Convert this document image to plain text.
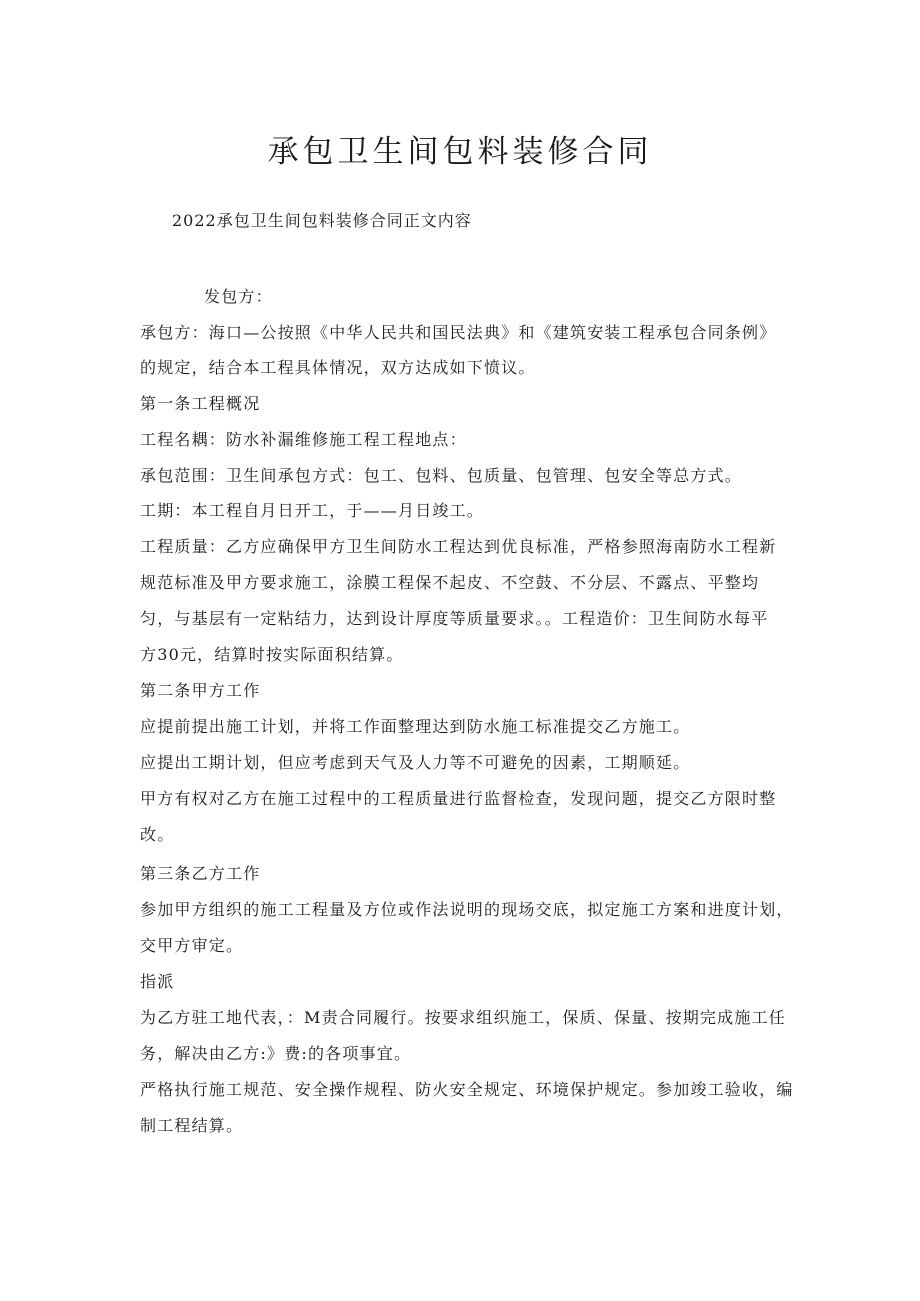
承包卫生间包料装修合同
2022承包卫生间包料装修合同正文内容
发包方：
承包方：海口—公按照《中华人民共和国民法典》和《建筑安装工程承包合同条例》
的规定，结合本工程具体情况，双方达成如下愤议。
第一条工程概况
工程名耦：防水补漏维修施工程工程地点：
承包范围：卫生间承包方式：包工、包料、包质量、包管理、包安全等总方式。
工期：本工程自月日开工，于——月日竣工。
工程质量：乙方应确保甲方卫生间防水工程达到优良标准，严格参照海南防水工程新
规范标准及甲方要求施工，涂膜工程保不起皮、不空鼓、不分层、不露点、平整均
匀，与基层有一定粘结力，达到设计厚度等质量要求。。工程造价：卫生间防水每平
方30元，结算时按实际面积结算。
第二条甲方工作
应提前提出施工计划，并将工作面整理达到防水施工标准提交乙方施工。
应提出工期计划，但应考虑到天气及人力等不可避免的因素，工期顺延。
甲方有权对乙方在施工过程中的工程质量进行监督检查，发现问题，提交乙方限时整
改。
第三条乙方工作
参加甲方组织的施工工程量及方位或作法说明的现场交底，拟定施工方案和进度计划，
交甲方审定。
指派
为乙方驻工地代表，：M责合同履行。按要求组织施工，保质、保量、按期完成施工任
务，解决由乙方:》费:的各项事宜。
严格执行施工规范、安全操作规程、防火安全规定、环境保护规定。参加竣工验收，编
制工程结算。
